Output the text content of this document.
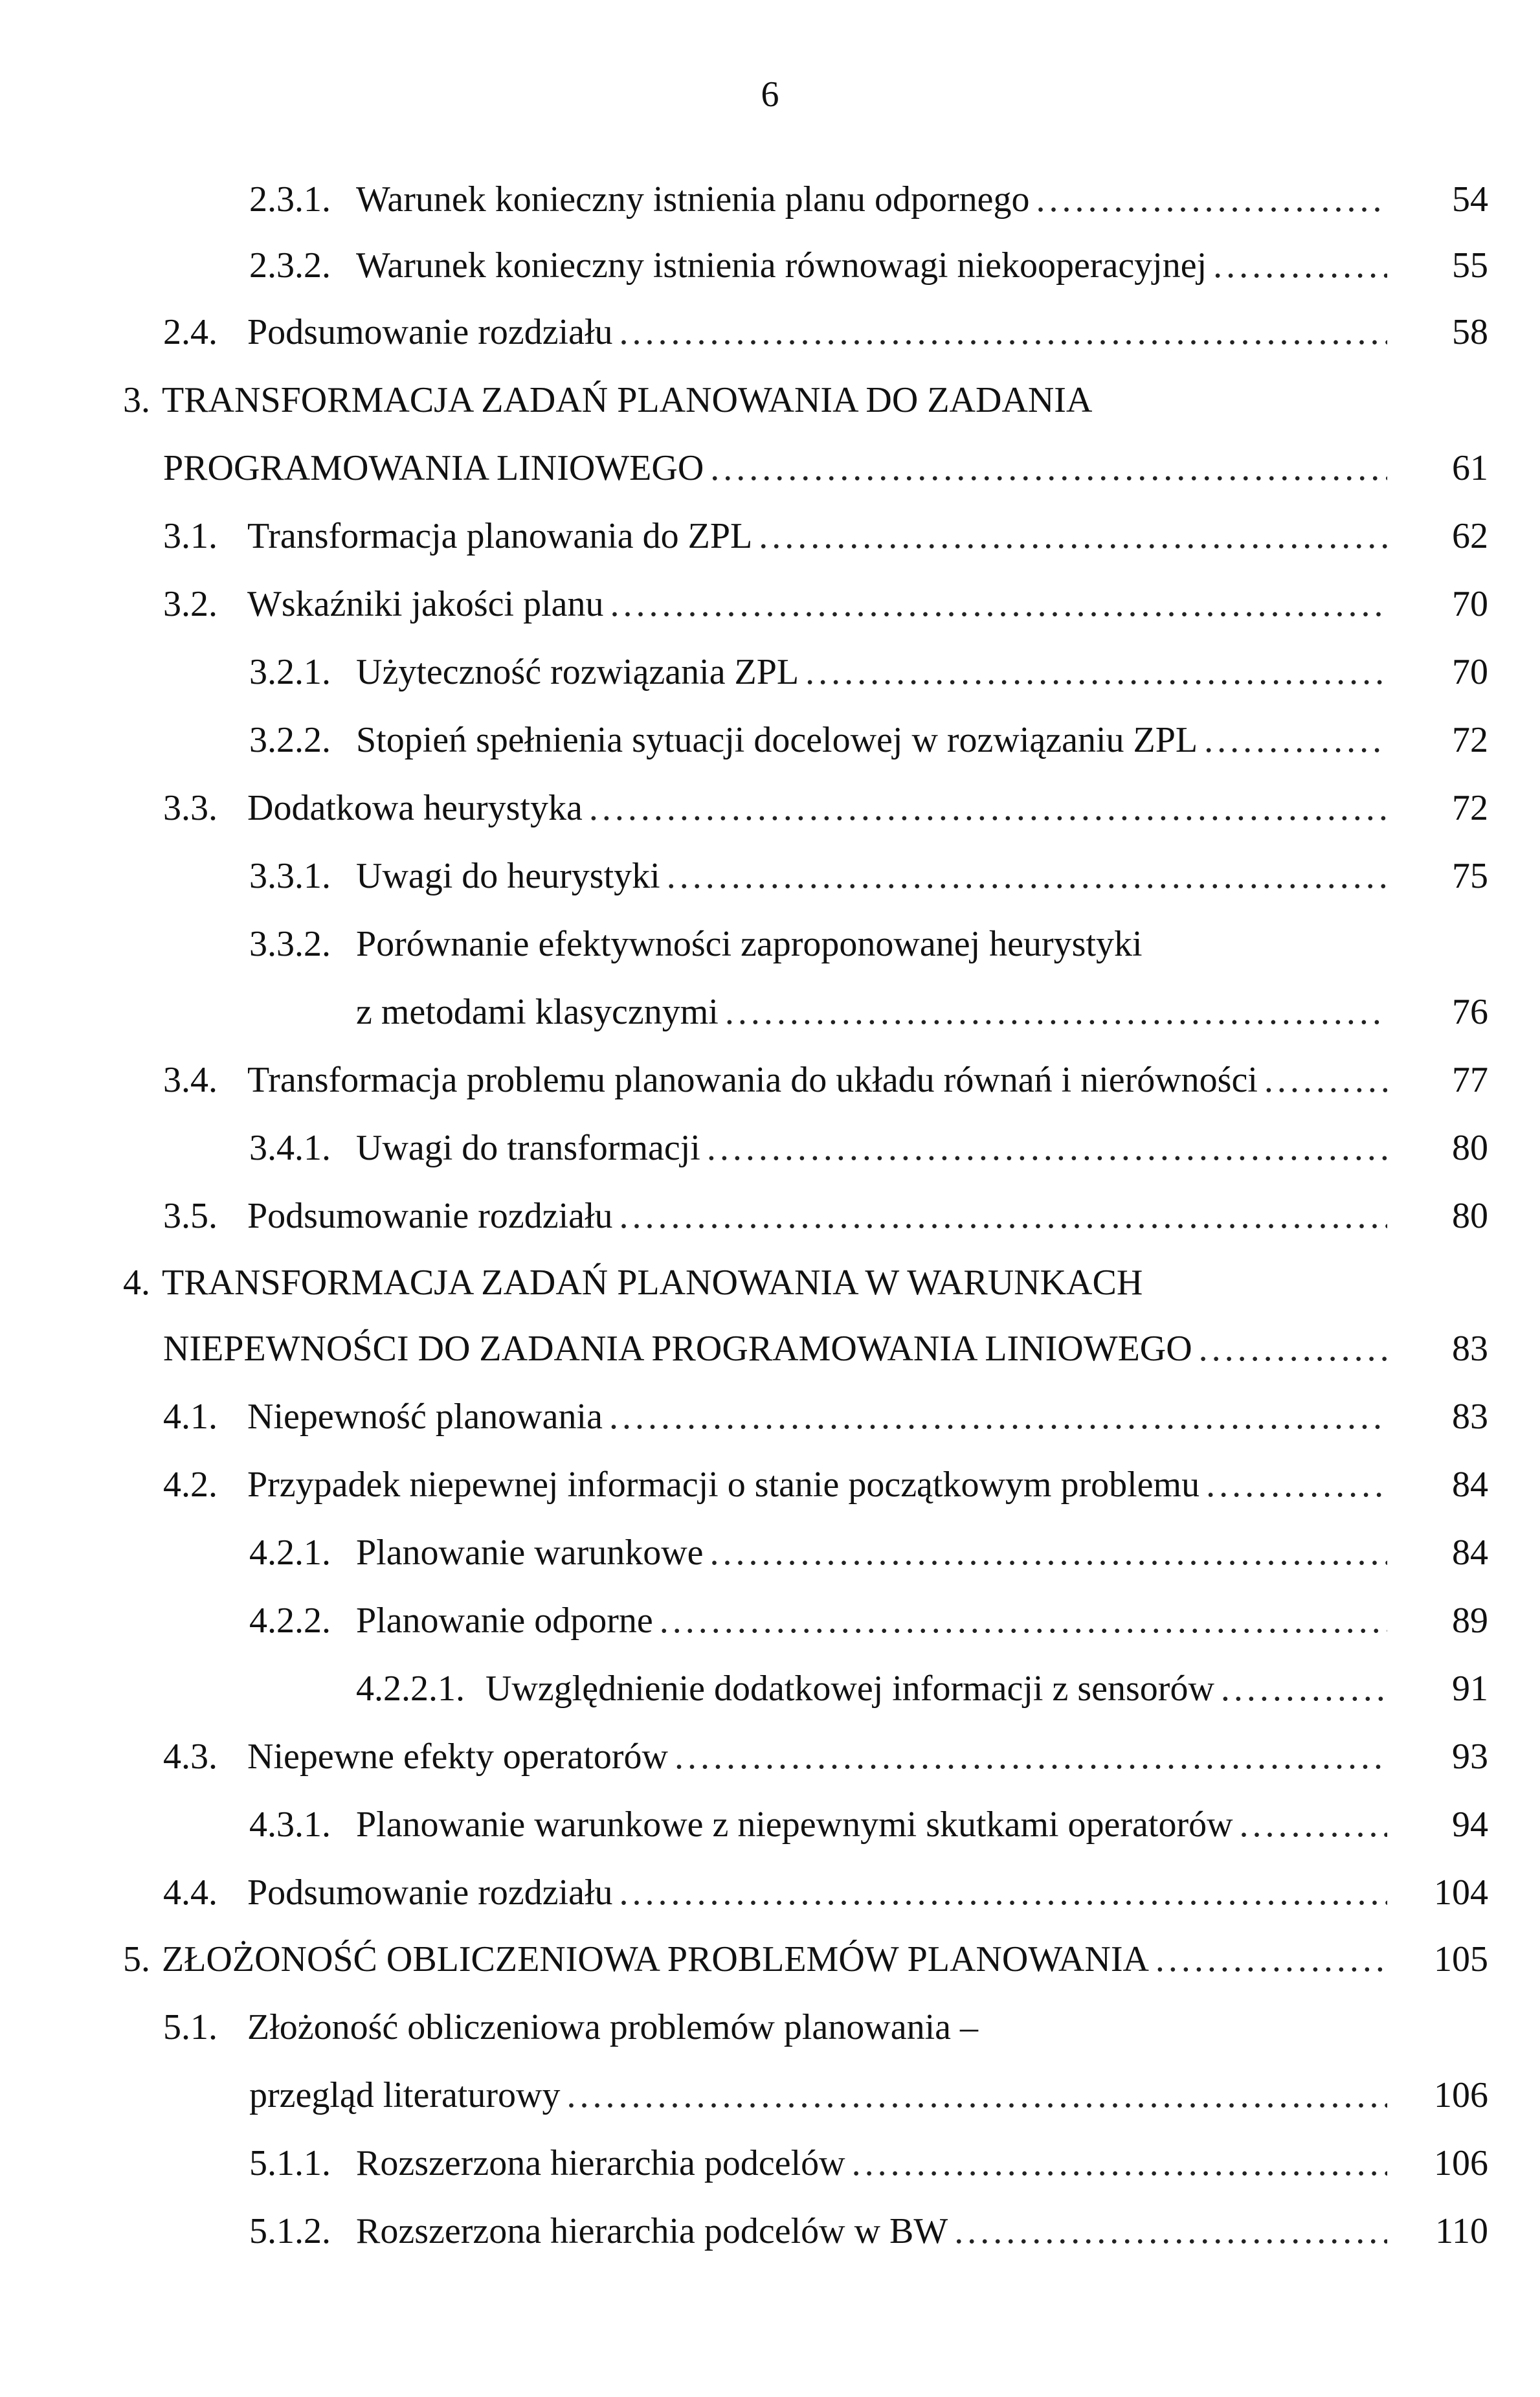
6
2.3.1. Warunek konieczny istnienia planu odpornego .....	54
2.3.2. Warunek konieczny istnienia równowagi niekooperacyjnej .....	55
2.4. Podsumowanie rozdziału .....	58
3. TRANSFORMACJA ZADAŃ PLANOWANIA DO ZADANIA
PROGRAMOWANIA LINIOWEGO .....	61
3.1. Transformacja planowania do ZPL .....	62
3.2. Wskaźniki jakości planu .....	70
3.2.1. Użyteczność rozwiązania ZPL .....	70
3.2.2. Stopień spełnienia sytuacji docelowej w rozwiązaniu ZPL .....	72
3.3. Dodatkowa heurystyka .....	72
3.3.1. Uwagi do heurystyki .....	75
3.3.2. Porównanie efektywności zaproponowanej heurystyki
z metodami klasycznymi .....	76
3.4. Transformacja problemu planowania do układu równań i nierówności .....	77
3.4.1. Uwagi do transformacji .....	80
3.5. Podsumowanie rozdziału .....	80
4. TRANSFORMACJA ZADAŃ PLANOWANIA W WARUNKACH
NIEPEWNOŚCI DO ZADANIA PROGRAMOWANIA LINIOWEGO .....	83
4.1. Niepewność planowania .....	83
4.2. Przypadek niepewnej informacji o stanie początkowym problemu .....	84
4.2.1. Planowanie warunkowe .....	84
4.2.2. Planowanie odporne .....	89
4.2.2.1. Uwzględnienie dodatkowej informacji z sensorów .....	91
4.3. Niepewne efekty operatorów .....	93
4.3.1. Planowanie warunkowe z niepewnymi skutkami operatorów .....	94
4.4. Podsumowanie rozdziału .....	104
5. ZŁOŻONOŚĆ OBLICZENIOWA PROBLEMÓW PLANOWANIA .....	105
5.1. Złożoność obliczeniowa problemów planowania –
przegląd literaturowy .....	106
5.1.1. Rozszerzona hierarchia podcelów .....	106
5.1.2. Rozszerzona hierarchia podcelów w BW .....	110
